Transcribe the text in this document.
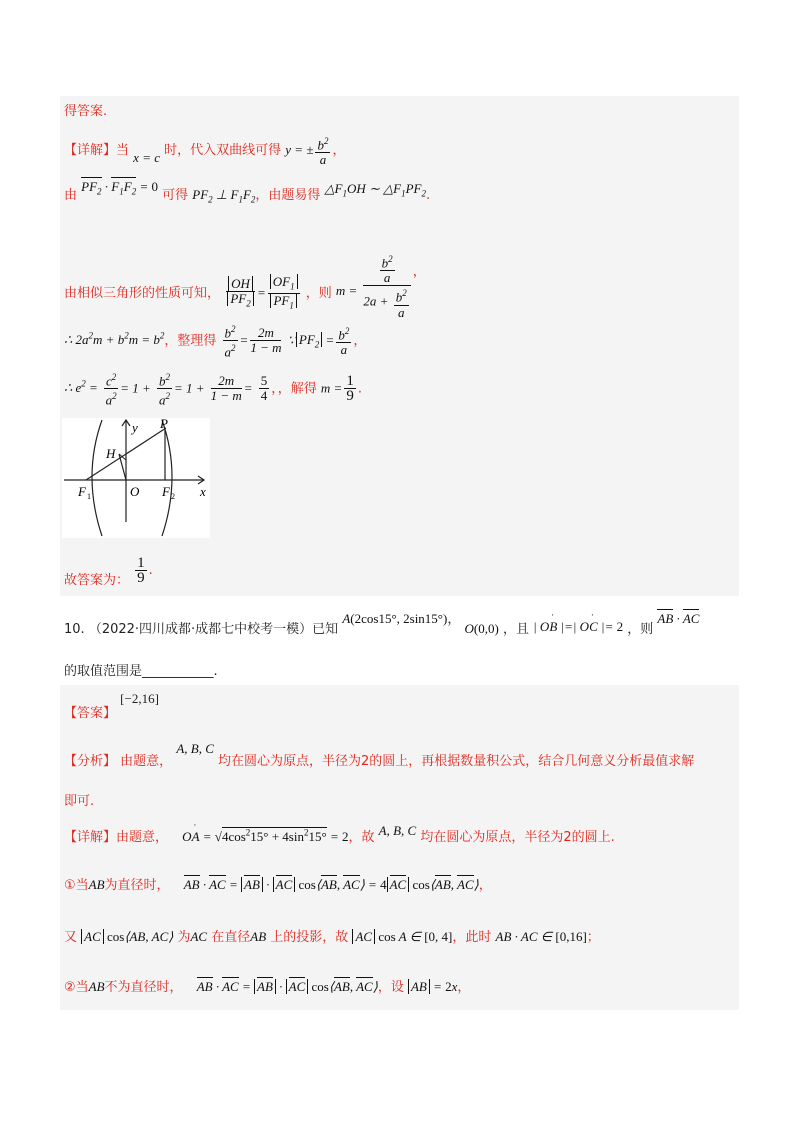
得答案.
【详解】当 x = c 时，代入双曲线可得 y = ± $\frac{b^2}{a}$ ，
由 $PF_2 \cdot F_1F_2 = 0$ 可得 $PF_2$ ⊥ $F_1F_2$，由题易得 $\triangle F_1OH$ ∼ $\triangle F_1PF_2$.
由相似三角形的性质可知， $\frac{OH}{PF_2} = \frac{OF_1}{PF_1}$ ，则 $m = \frac{\frac{b^2}{a}}{2a + \frac{b^2}{a}}$ ，
∴ $2a^2m + b^2m = b^2$，整理得 $\frac{b^2}{a^2} = \frac{2m}{1 - m}$ ∵ $PF_2 = \frac{b^2}{a}$ ，
∴ $e^2 = \frac{c^2}{a^2} = 1 + \frac{b^2}{a^2} = 1 + \frac{2m}{1 - m} = \frac{5}{4}$ ，，解得 $m = \frac{1}{9}$ .
y P
H
F 1	O F 2 x
故答案为： $\frac{1}{9}$ .
10. （2022·四川成都·成都七中校考一模）已知 A(2cos15°, 2sin15°)， O(0,0) ，且 | OB
·
|=| OC
·
|= 2 ，则 AB · AC
的取值范围是___________.
【答案】 [−2,16]
【分析】 由题意， A, B, C 均在圆心为原点，半径为2的圆上，再根据数量积公式，结合几何意义分析最值求解
即可.
【详解】由题意， OA
·
= $√4\cos^215^\circ + 4\sin^215^\circ = 2$，故 A, B, C 均在圆心为原点，半径为2的圆上.
①当AB为直径时， AB · AC = AB · AC cos⟨AB, AC⟩ = 4 AC cos⟨AB, AC⟩，
又 AC cos⟨AB, AC⟩ 为AC 在直径AB 上的投影，故 AC cos A ∈ [0, 4]，此时 AB · AC ∈ [0,16]；
②当AB不为直径时， AB · AC = AB · AC cos⟨AB, AC⟩，设 AB = 2x，
